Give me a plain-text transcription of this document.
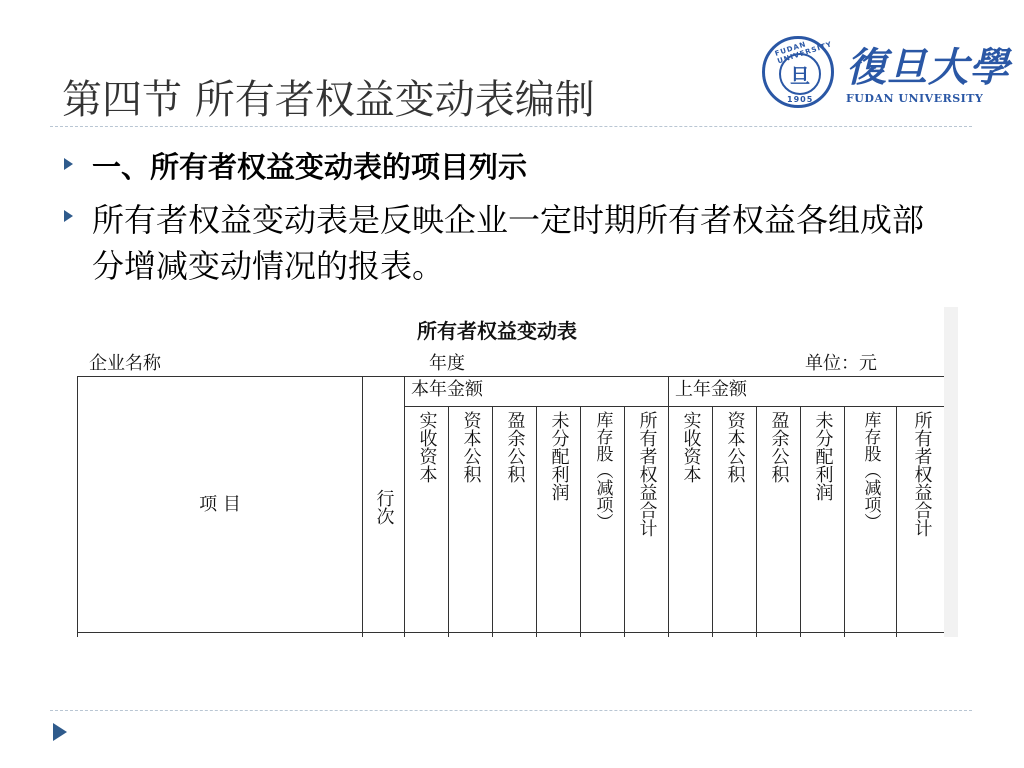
第四节 所有者权益变动表编制
FUDAN UNIVERSITY
旦
1905
復旦大學
FUDAN UNIVERSITY
一、所有者权益变动表的项目列示
所有者权益变动表是反映企业一定时期所有者权益各组成部分增减变动情况的报表。
所有者权益变动表
企业名称	年度	单位：元
项 目	行次	本年金额						上年金额					

		实收资本	资本公积	盈余公积	未分配利润	库存股（减项）	所有者权益合计	实收资本	资本公积	盈余公积	未分配利润	库存股（减项）	所有者权益合计
